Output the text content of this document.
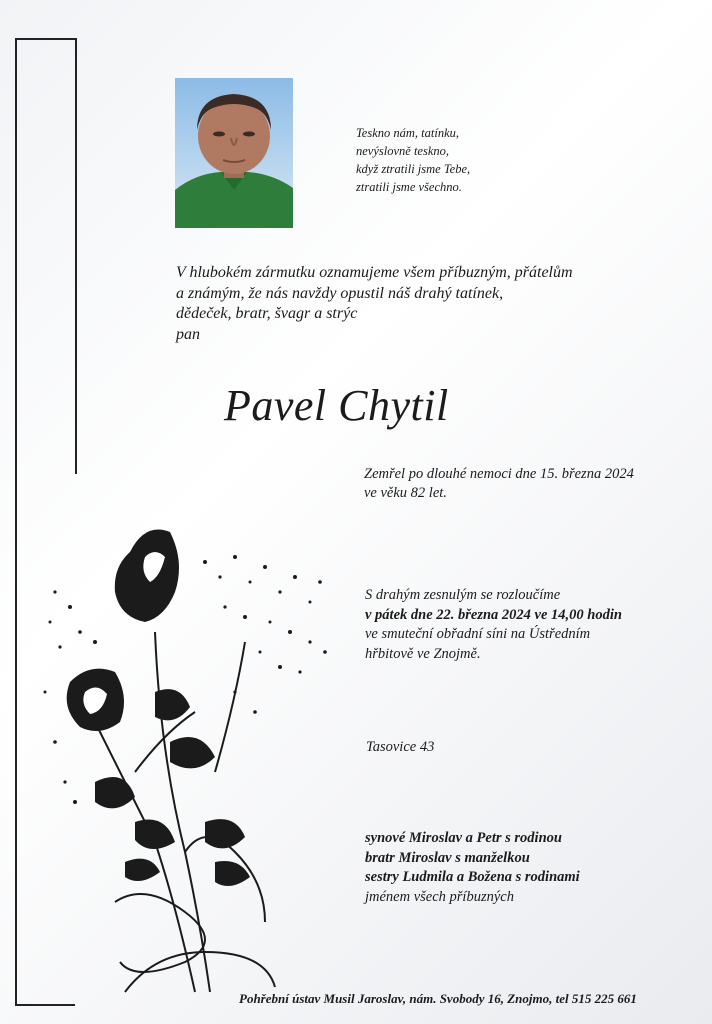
Teskno nám, tatínku,
nevýslovně teskno,
když ztratili jsme Tebe,
ztratili jsme všechno.
V hlubokém zármutku oznamujeme všem příbuzným, přátelům
a známým, že nás navždy opustil náš drahý tatínek,
dědeček, bratr, švagr a strýc
pan
Pavel Chytil
Zemřel po dlouhé nemoci dne 15. března 2024
ve věku 82 let.
S drahým zesnulým se rozloučíme
v pátek dne 22. března 2024 ve 14,00 hodin
ve smuteční obřadní síni na Ústředním
hřbitově ve Znojmě.
Tasovice 43
synové Miroslav a Petr s rodinou
bratr Miroslav s manželkou
sestry Ludmila a Božena s rodinami
jménem všech příbuzných
Pohřební ústav Musil Jaroslav, nám. Svobody 16, Znojmo, tel 515 225 661
